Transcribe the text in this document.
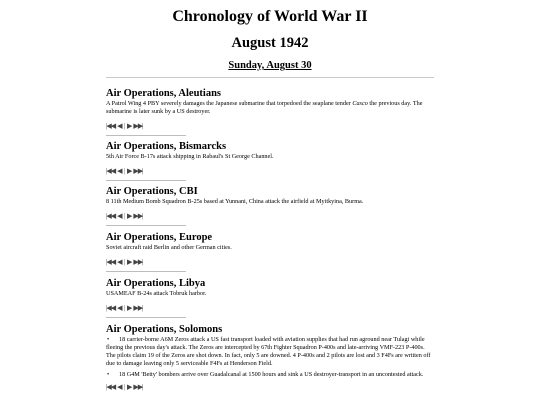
Chronology of World War II
August 1942
Sunday, August 30
Air Operations, Aleutians

A Patrol Wing 4 PBY severely damages the Japanese submarine that torpedoed the seaplane tender Casco the previous day. The submarine is later sunk by a US destroyer.

|◀◀ ◀ | ▶ ▶▶|
Air Operations, Bismarcks

5th Air Force B-17s attack shipping in Rabaul's St George Channel.

|◀◀ ◀ | ▶ ▶▶|
Air Operations, CBI

8 11th Medium Bomb Squadron B-25s based at Yunnani, China attack the airfield at Myitkyina, Burma.

|◀◀ ◀ | ▶ ▶▶|
Air Operations, Europe

Soviet aircraft raid Berlin and other German cities.

|◀◀ ◀ | ▶ ▶▶|
Air Operations, Libya

USAMEAF B-24s attack Tobruk harbor.

|◀◀ ◀ | ▶ ▶▶|
Air Operations, Solomons
• 18 carrier-borne A6M Zeros attack a US fast transport loaded with aviation supplies that had run aground near Tulagi while fleeing the previous day's attack. The Zeros are intercepted by 67th Fighter Squadron P-400s and late-arriving VMF-223 P-400s. The pilots claim 19 of the Zeros are shot down. In fact, only 5 are downed. 4 P-400s and 2 pilots are lost and 3 F4Fs are written off due to damage leaving only 5 serviceable F4Fs at Henderson Field.
• 18 G4M 'Betty' bombers arrive over Guadalcanal at 1500 hours and sink a US destroyer-transport in an uncontested attack.
|◀◀ ◀ | ▶ ▶▶|
